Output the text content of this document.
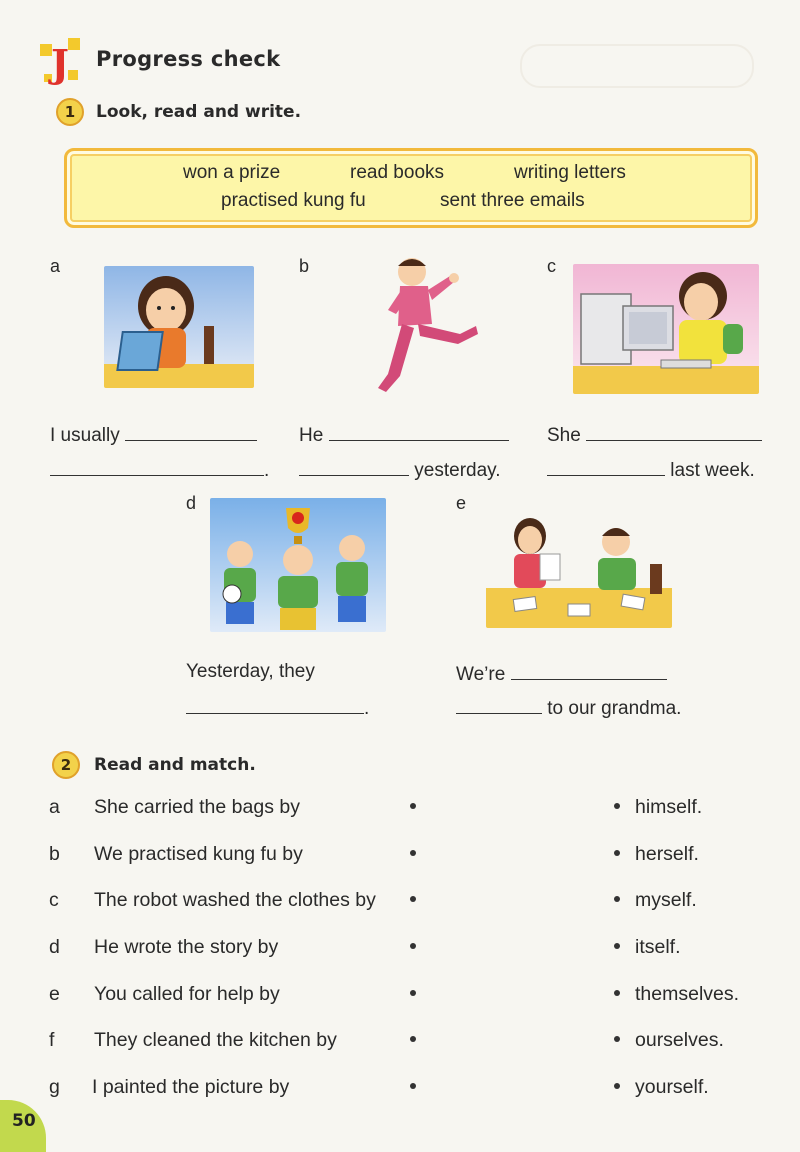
J Progress check
1	Look, read and write.
won a prize	read books	writing letters
practised kung fu	sent three emails
a	b	c
d	e
I usually
.
He
yesterday.
She
last week.
Yesterday, they
.
We’re
to our grandma.
2	Read and match.
a She carried the bags by	himself.
b We practised kung fu by	herself.
c The robot washed the clothes by	myself.
d He wrote the story by	itself.
e You called for help by	themselves.
f They cleaned the kitchen by	ourselves.
g I painted the picture by	yourself.
50
